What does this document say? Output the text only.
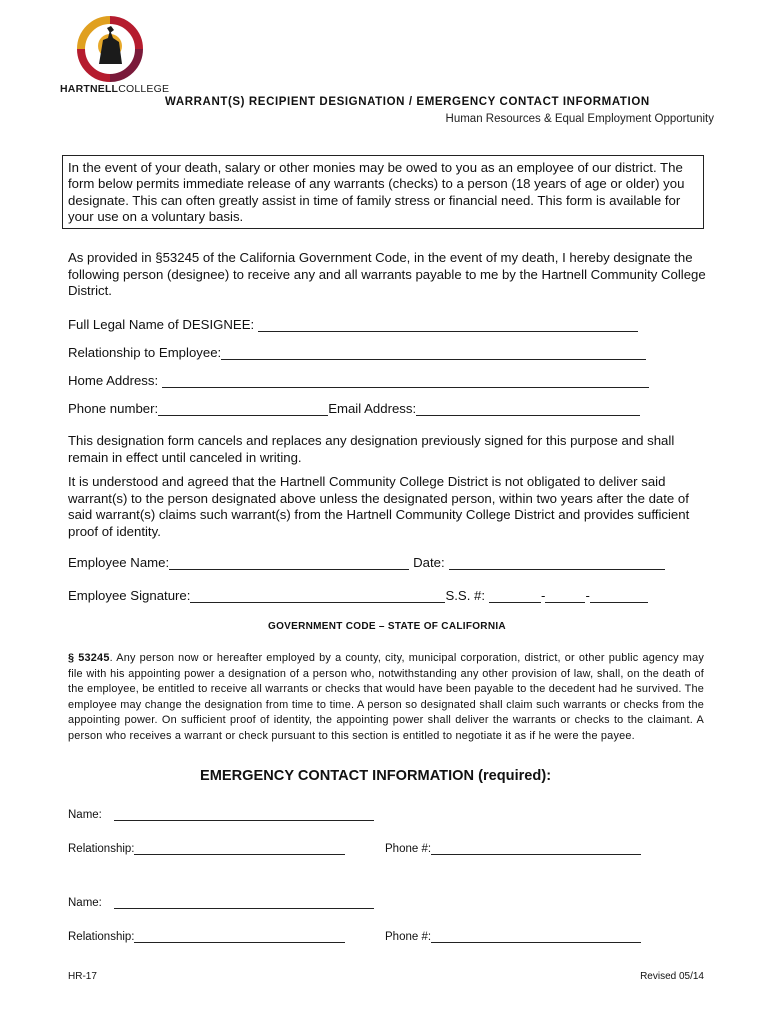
HARTNELLCOLLEGE
WARRANT(S) RECIPIENT DESIGNATION / EMERGENCY CONTACT INFORMATION
Human Resources & Equal Employment Opportunity

In the event of your death, salary or other monies may be owed to you as an employee of our district. The form below permits immediate release of any warrants (checks) to a person (18 years of age or older) you designate. This can often greatly assist in time of family stress or financial need. This form is available for your use on a voluntary basis.

As provided in §53245 of the California Government Code, in the event of my death, I hereby designate the following person (designee) to receive any and all warrants payable to me by the Hartnell Community College District.
Full Legal Name of DESIGNEE:
Relationship to Employee:
Home Address:
Phone number:	Email Address:
This designation form cancels and replaces any designation previously signed for this purpose and shall remain in effect until canceled in writing.
It is understood and agreed that the Hartnell Community College District is not obligated to deliver said warrant(s) to the person designated above unless the designated person, within two years after the date of said warrant(s) claims such warrant(s) from the Hartnell Community College District and provides sufficient proof of identity.
Employee Name:	Date:
Employee Signature:	S.S. #:	-	-
GOVERNMENT CODE – STATE OF CALIFORNIA
§ 53245. Any person now or hereafter employed by a county, city, municipal corporation, district, or other public agency may file with his appointing power a designation of a person who, notwithstanding any other provision of law, shall, on the death of the employee, be entitled to receive all warrants or checks that would have been payable to the decedent had he survived. The employee may change the designation from time to time. A person so designated shall claim such warrants or checks from the appointing power. On sufficient proof of identity, the appointing power shall deliver the warrants or checks to the claimant. A person who receives a warrant or check pursuant to this section is entitled to negotiate it as if he were the payee.
EMERGENCY CONTACT INFORMATION (required):
Name:
Relationship:	Phone #:
Name:
Relationship:	Phone #:
HR-17	Revised 05/14
